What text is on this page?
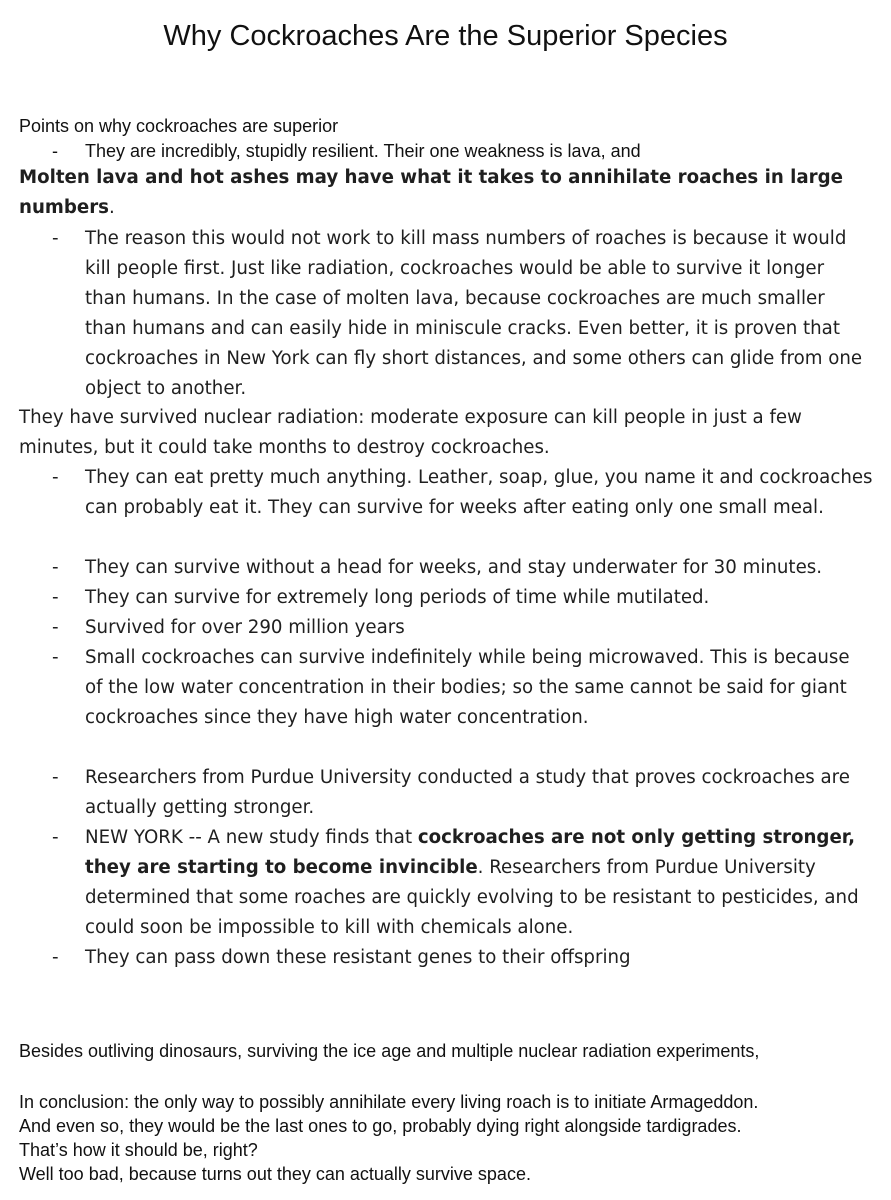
Why Cockroaches Are the Superior Species

Points on why cockroaches are superior

- They are incredibly, stupidly resilient. Their one weakness is lava, and

Molten lava and hot ashes may have what it takes to annihilate roaches in large numbers.

- The reason this would not work to kill mass numbers of roaches is because it would kill people first. Just like radiation, cockroaches would be able to survive it longer than humans. In the case of molten lava, because cockroaches are much smaller than humans and can easily hide in miniscule cracks. Even better, it is proven that cockroaches in New York can fly short distances, and some others can glide from one object to another.

They have survived nuclear radiation: moderate exposure can kill people in just a few minutes, but it could take months to destroy cockroaches.

- They can eat pretty much anything. Leather, soap, glue, you name it and cockroaches can probably eat it. They can survive for weeks after eating only one small meal.
- They can survive without a head for weeks, and stay underwater for 30 minutes.
- They can survive for extremely long periods of time while mutilated.
- Survived for over 290 million years
- Small cockroaches can survive indefinitely while being microwaved. This is because of the low water concentration in their bodies; so the same cannot be said for giant cockroaches since they have high water concentration.
- Researchers from Purdue University conducted a study that proves cockroaches are actually getting stronger.
- NEW YORK -- A new study finds that cockroaches are not only getting stronger, they are starting to become invincible. Researchers from Purdue University determined that some roaches are quickly evolving to be resistant to pesticides, and could soon be impossible to kill with chemicals alone.
- They can pass down these resistant genes to their offspring

Besides outliving dinosaurs, surviving the ice age and multiple nuclear radiation experiments,

In conclusion: the only way to possibly annihilate every living roach is to initiate Armageddon.

And even so, they would be the last ones to go, probably dying right alongside tardigrades.

That’s how it should be, right?

Well too bad, because turns out they can actually survive space.
